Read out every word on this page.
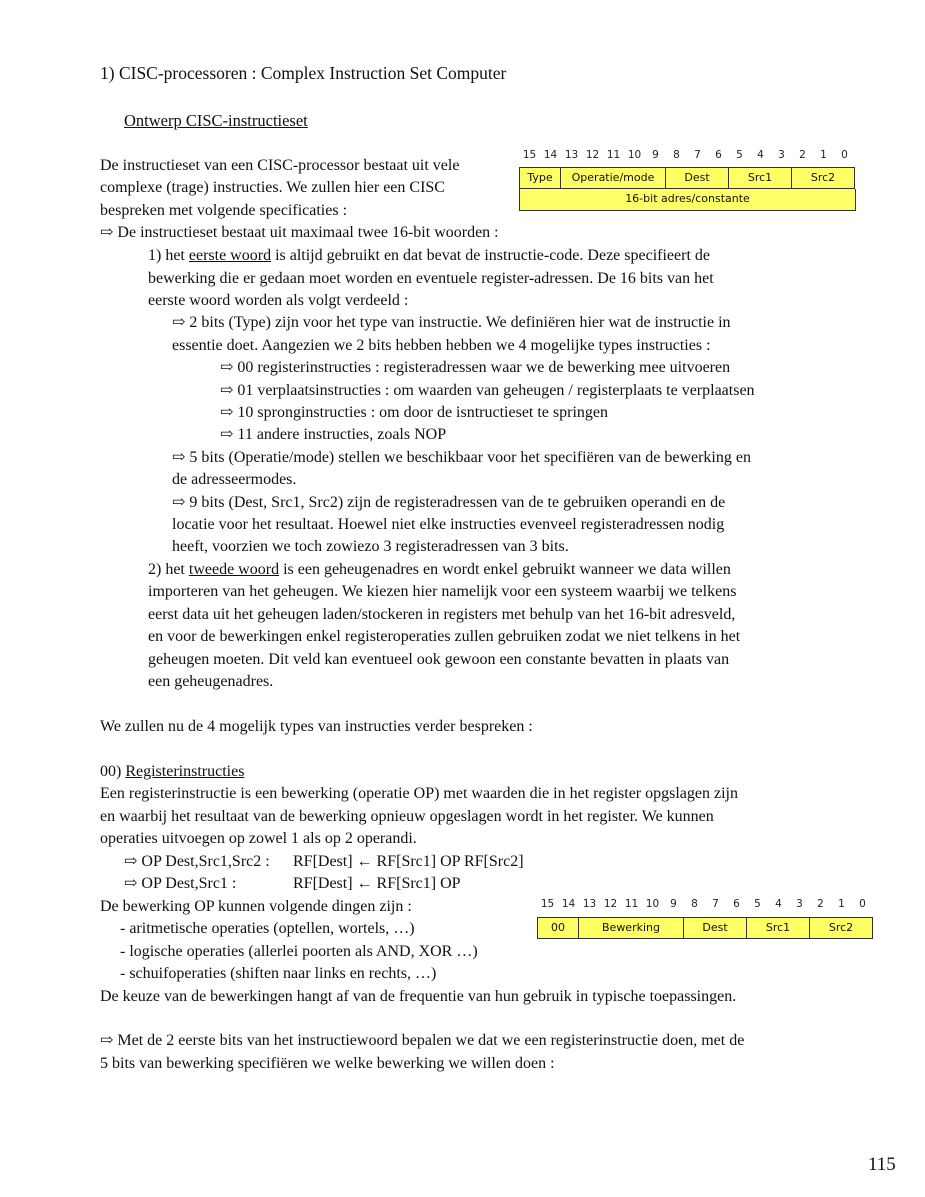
1) CISC-processoren : Complex Instruction Set Computer
Ontwerp CISC-instructieset
15 14 13 12 11 10	9	8	7	6	5	4	3	2	1	0
Type	Operatie/mode	Dest	Src1	Src2
16-bit adres/constante
De instructieset van een CISC-processor bestaat uit vele
complexe (trage) instructies. We zullen hier een CISC
bespreken met volgende specificaties :
⇨ De instructieset bestaat uit maximaal twee 16-bit woorden :
1) het eerste woord is altijd gebruikt en dat bevat de instructie-code. Deze specifieert de
bewerking die er gedaan moet worden en eventuele register-adressen. De 16 bits van het
eerste woord worden als volgt verdeeld :
⇨ 2 bits (Type) zijn voor het type van instructie. We definiëren hier wat de instructie in
essentie doet. Aangezien we 2 bits hebben hebben we 4 mogelijke types instructies :
⇨ 00 registerinstructies : registeradressen waar we de bewerking mee uitvoeren
⇨ 01 verplaatsinstructies : om waarden van geheugen / registerplaats te verplaatsen
⇨ 10 spronginstructies : om door de isntructieset te springen
⇨ 11 andere instructies, zoals NOP
⇨ 5 bits (Operatie/mode) stellen we beschikbaar voor het specifiëren van de bewerking en
de adresseermodes.
⇨ 9 bits (Dest, Src1, Src2) zijn de registeradressen van de te gebruiken operandi en de
locatie voor het resultaat. Hoewel niet elke instructies evenveel registeradressen nodig
heeft, voorzien we toch zowiezo 3 registeradressen van 3 bits.
2) het tweede woord is een geheugenadres en wordt enkel gebruikt wanneer we data willen
importeren van het geheugen. We kiezen hier namelijk voor een systeem waarbij we telkens
eerst data uit het geheugen laden/stockeren in registers met behulp van het 16-bit adresveld,
en voor de bewerkingen enkel registeroperaties zullen gebruiken zodat we niet telkens in het
geheugen moeten. Dit veld kan eventueel ook gewoon een constante bevatten in plaats van
een geheugenadres.
We zullen nu de 4 mogelijk types van instructies verder bespreken :
00) Registerinstructies
Een registerinstructie is een bewerking (operatie OP) met waarden die in het register opgslagen zijn
en waarbij het resultaat van de bewerking opnieuw opgeslagen wordt in het register. We kunnen
operaties uitvoegen op zowel 1 als op 2 operandi.
⇨ OP Dest,Src1,Src2 : RF[Dest] ← RF[Src1] OP RF[Src2]
⇨ OP Dest,Src1 :	RF[Dest] ← RF[Src1] OP
De bewerking OP kunnen volgende dingen zijn :
- aritmetische operaties (optellen, wortels, …)
- logische operaties (allerlei poorten als AND, XOR …)
- schuifoperaties (shiften naar links en rechts, …)
De keuze van de bewerkingen hangt af van de frequentie van hun gebruik in typische toepassingen.
15 14 13 12 11 10	9	8	7	6	5	4	3	2	1	0
00	Bewerking	Dest	Src1	Src2
⇨ Met de 2 eerste bits van het instructiewoord bepalen we dat we een registerinstructie doen, met de
5 bits van bewerking specifiëren we welke bewerking we willen doen :
115
